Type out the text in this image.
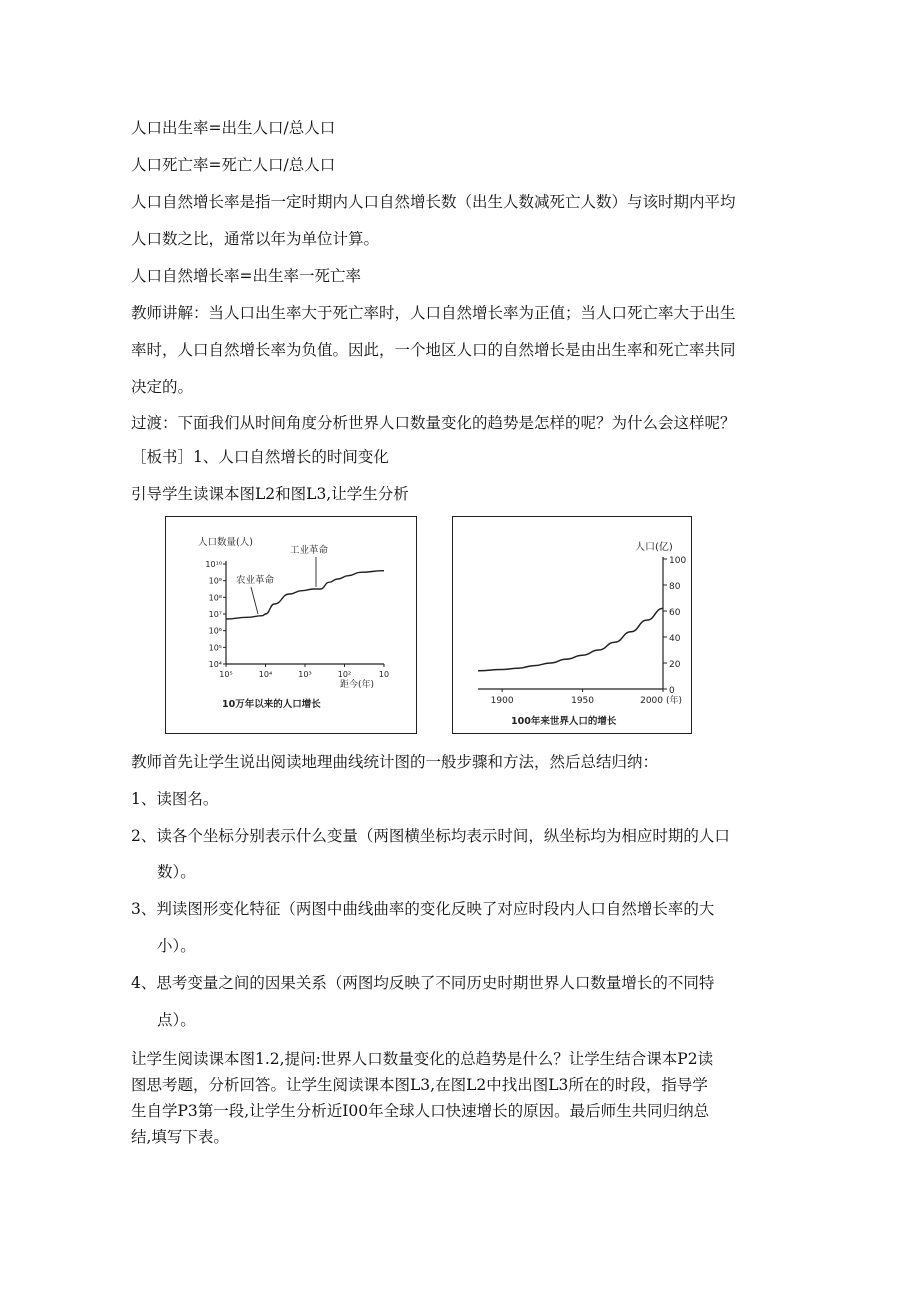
人口出生率=出生人口/总人口
人口死亡率=死亡人口/总人口
人口自然增长率是指一定时期内人口自然增长数（出生人数减死亡人数）与该时期内平均
人口数之比，通常以年为单位计算。
人口自然增长率=出生率一死亡率
教师讲解：当人口出生率大于死亡率时，人口自然增长率为正值；当人口死亡率大于出生
率时，人口自然增长率为负值。因此，一个地区人口的自然增长是由出生率和死亡率共同
决定的。
过渡：下面我们从时间角度分析世界人口数量变化的趋势是怎样的呢？为什么会这样呢？
［板书］1、人口自然增长的时间变化
引导学生读课本图L2和图L3,让学生分析
人口数量(人)
10¹⁰
10⁹
10⁸
10⁷
10⁶
10⁵
10⁴
10⁵	10⁴	10³	10²	10
农业革命
工业革命
距今(年)
10万年以来的人口增长
人口(亿)
100
80
60
40
20
0
1900	1950	2000 (年)
100年来世界人口的增长
教师首先让学生说出阅读地理曲线统计图的一般步骤和方法，然后总结归纳：
1、读图名。
2、读各个坐标分别表示什么变量（两图横坐标均表示时间，纵坐标均为相应时期的人口
数）。
3、判读图形变化特征（两图中曲线曲率的变化反映了对应时段内人口自然增长率的大
小）。
4、思考变量之间的因果关系（两图均反映了不同历史时期世界人口数量增长的不同特
点）。
让学生阅读课本图1.2,提问:世界人口数量变化的总趋势是什么？让学生结合课本P2读
图思考题，分析回答。让学生阅读课本图L3,在图L2中找出图L3所在的时段，指导学
生自学P3第一段,让学生分析近I00年全球人口快速增长的原因。最后师生共同归纳总
结,填写下表。
